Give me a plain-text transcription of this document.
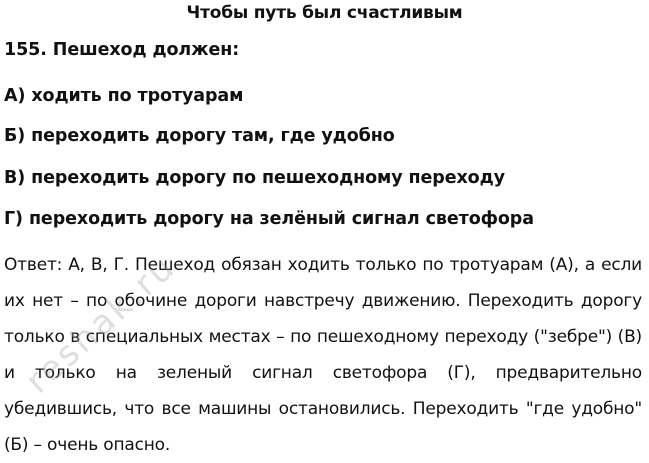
Чтобы путь был счастливым
155. Пешеход должен:
А) ходить по тротуарам
Б) переходить дорогу там, где удобно
В) переходить дорогу по пешеходному переходу
Г) переходить дорогу на зелёный сигнал светофора
Ответ: А, В, Г. Пешеход обязан ходить только по тротуарам (А), а если их нет – по обочине дороги навстречу движению. Переходить дорогу только в специальных местах – по пешеходному переходу ("зебре") (В) и только на зеленый сигнал светофора (Г), предварительно убедившись, что все машины остановились. Переходить "где удобно" (Б) – очень опасно.
reshak.ru
